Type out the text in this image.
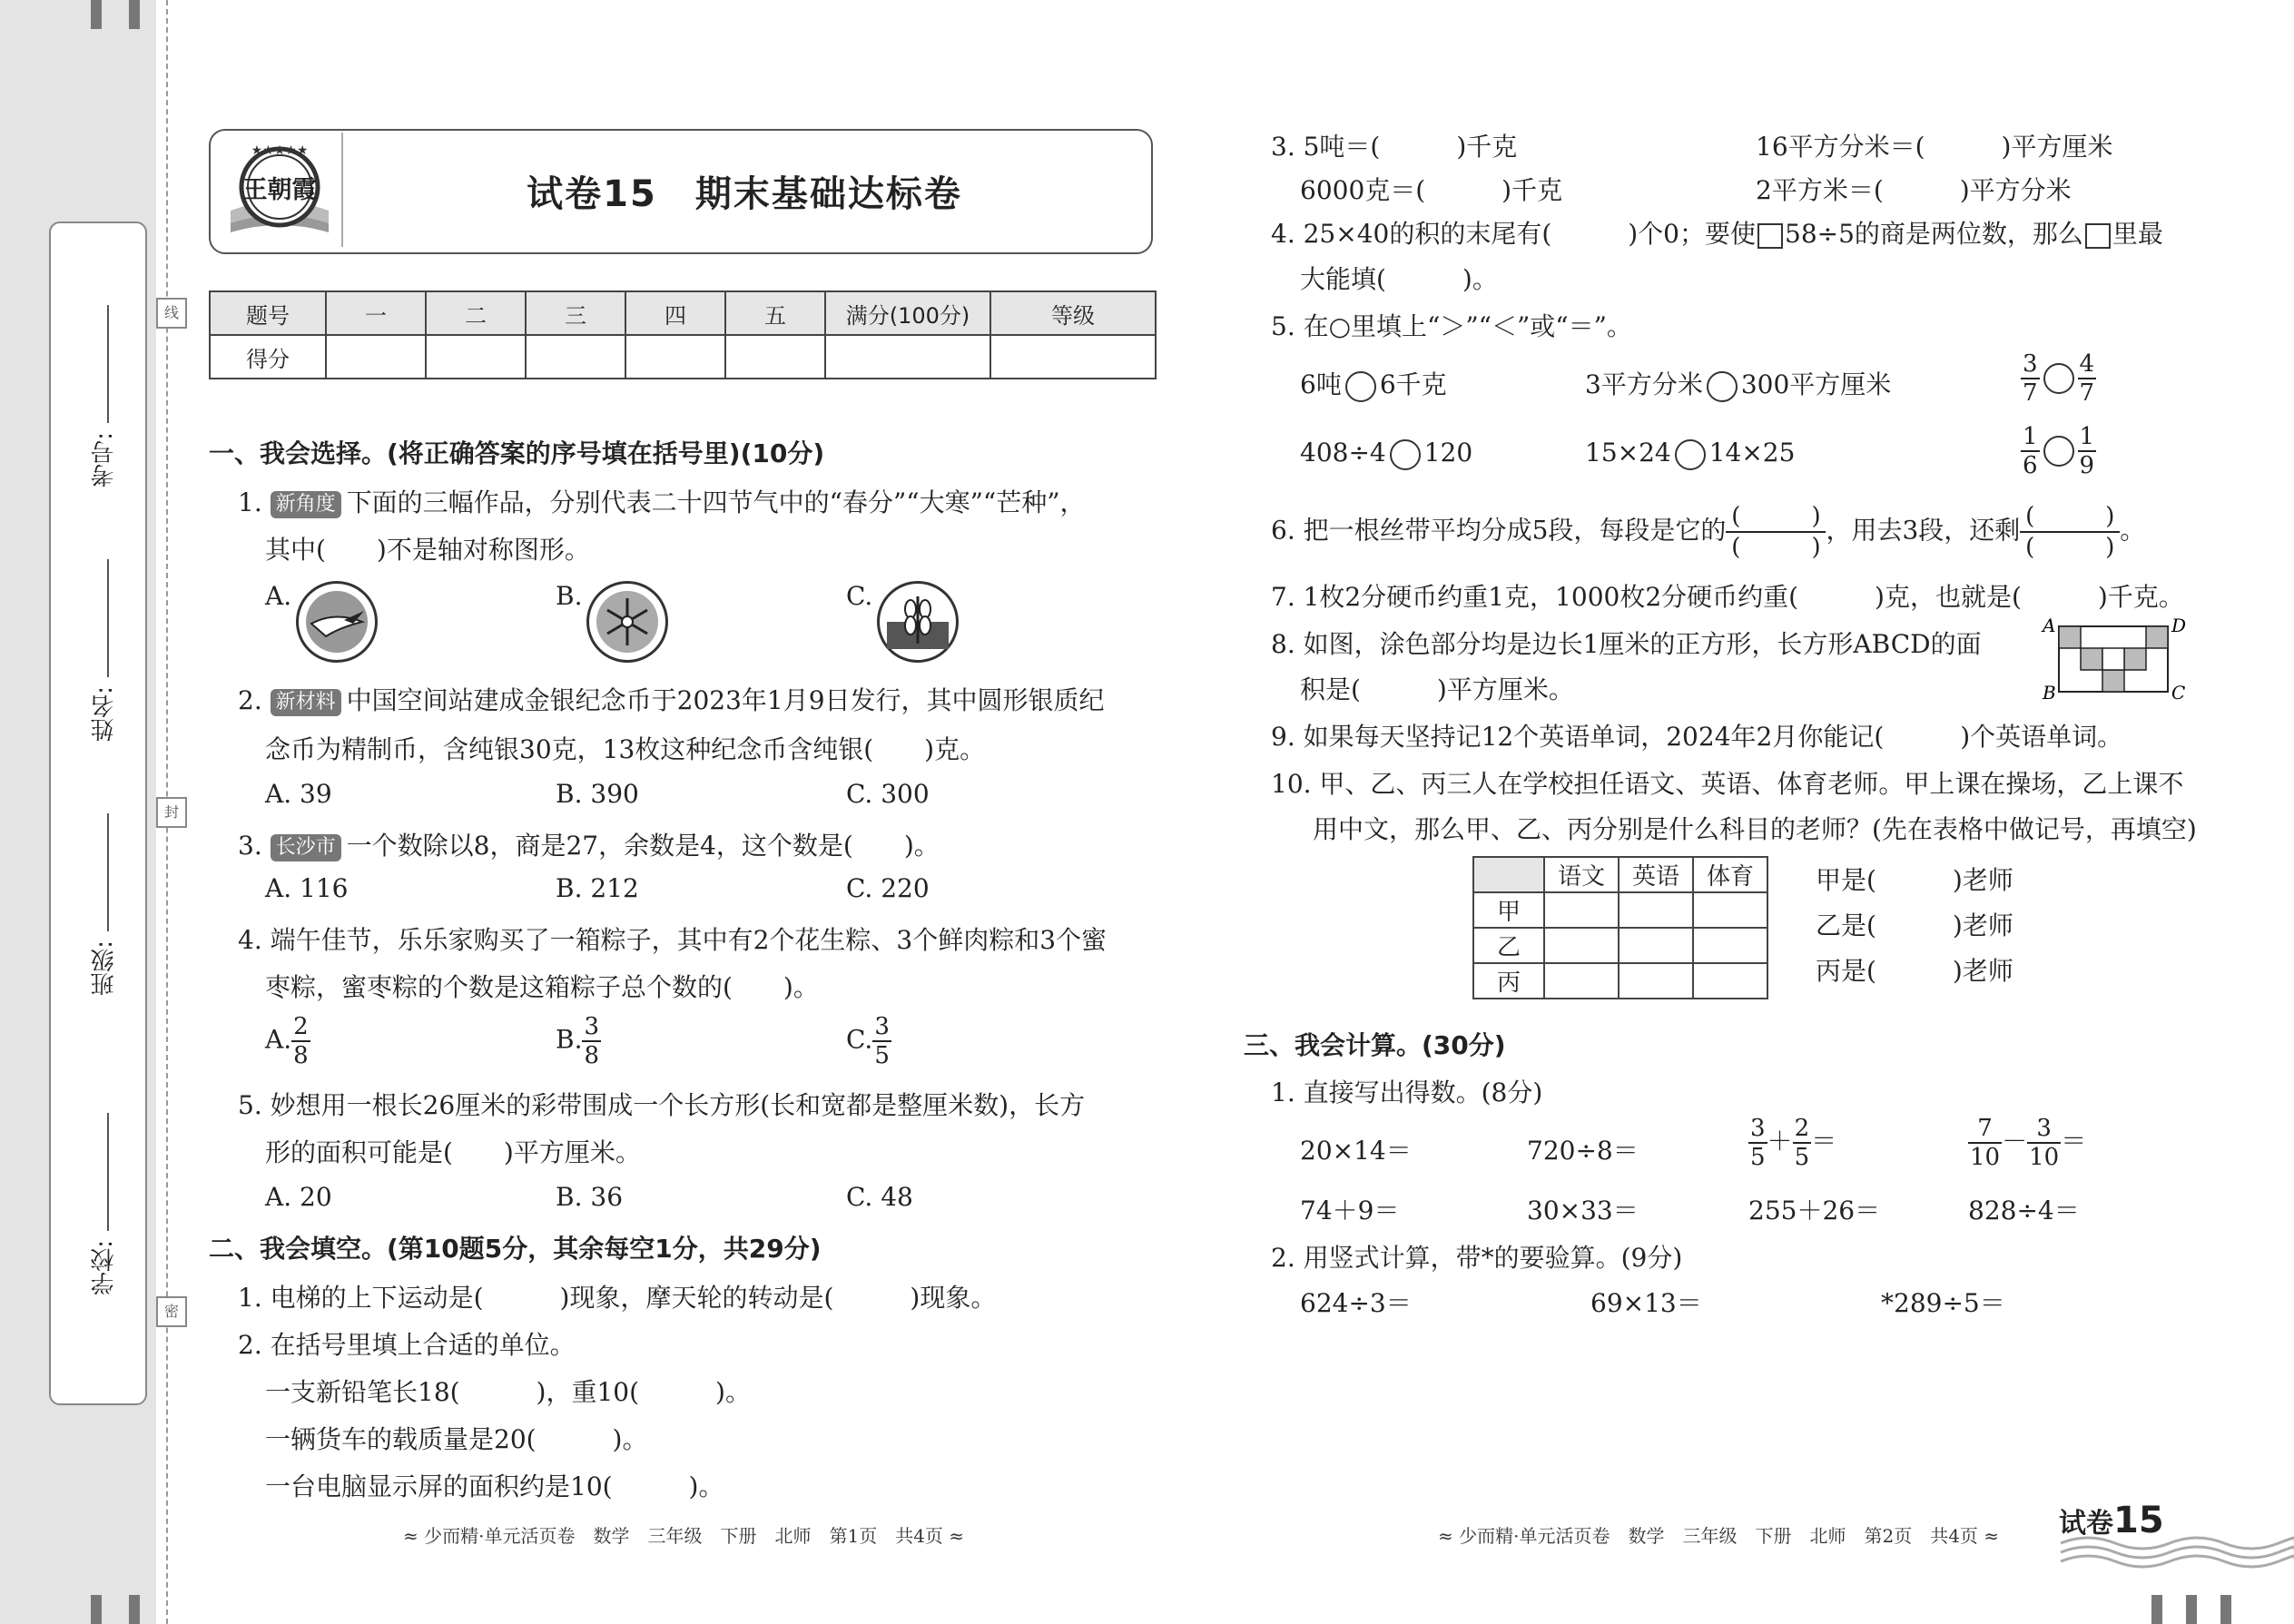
考号:
姓名:
班级:
学校:
线
封
密
★★★★★
王朝霞	试卷15　期末基础达标卷
题号	一	二	三	四	五	满分(100分)	等级
得分							
一、我会选择。(将正确答案的序号填在括号里)(10分)
1. 新角度 下面的三幅作品，分别代表二十四节气中的“春分”“大寒”“芒种”，
其中(　　)不是轴对称图形。
A.	B.	C.
2. 新材料 中国空间站建成金银纪念币于2023年1月9日发行，其中圆形银质纪
念币为精制币，含纯银30克，13枚这种纪念币含纯银(　　)克。
A. 39	B. 390	C. 300
3. 长沙市 一个数除以8，商是27，余数是4，这个数是(　　)。
A. 116	B. 212	C. 220
4. 端午佳节，乐乐家购买了一箱粽子，其中有2个花生粽、3个鲜肉粽和3个蜜
枣粽，蜜枣粽的个数是这箱粽子总个数的(　　)。
A. $\frac{2}{8}$	B. $\frac{3}{8}$	C. $\frac{3}{5}$
5. 妙想用一根长26厘米的彩带围成一个长方形(长和宽都是整厘米数)，长方
形的面积可能是(　　)平方厘米。
A. 20	B. 36	C. 48
二、我会填空。(第10题5分，其余每空1分，共29分)
1. 电梯的上下运动是(　　　)现象，摩天轮的转动是(　　　)现象。
2. 在括号里填上合适的单位。
一支新铅笔长18(　　　)，重10(　　　)。
一辆货车的载质量是20(　　　)。
一台电脑显示屏的面积约是10(　　　)。
≈ 少而精·单元活页卷　数学　三年级　下册　北师　第1页　共4页 ≈
3. 5吨＝(　　　)千克	16平方分米＝(　　　)平方厘米
6000克＝(　　　)千克	2平方米＝(　　　)平方分米
4. 25×40的积的末尾有(　　　)个0；要使 58÷5的商是两位数，那么 里最
大能填(　　　)。
5. 在○里填上“＞”“＜”或“＝”。
6吨 6千克	3平方分米 300平方厘米	$\frac{3}{7} \frac{4}{7}$
408÷4 120	15×24 14×25	$\frac{1}{6} \frac{1}{9}$
6. 把一根丝带平均分成5段，每段是它的 (　　　	)
(　　　	) ，用去3段，还剩 (　　　	)
(　　　	) 。
7. 1枚2分硬币约重1克，1000枚2分硬币约重(　　　)克，也就是(　　　)千克。
8. 如图，涂色部分均是边长1厘米的正方形，长方形ABCD的面
积是(　　　)平方厘米。
A	D
B	C
9. 如果每天坚持记12个英语单词，2024年2月你能记(　　　)个英语单词。
10. 甲、乙、丙三人在学校担任语文、英语、体育老师。甲上课在操场，乙上课不
用中文，那么甲、乙、丙分别是什么科目的老师？(先在表格中做记号，再填空)
	语文	英语	体育
甲			
乙			
丙			
甲是(　　　)老师
乙是(　　　)老师
丙是(　　　)老师
三、我会计算。(30分)
1. 直接写出得数。(8分)
20×14＝	720÷8＝	$\frac{3}{5} + \frac{2}{5}$ ＝	$\frac{7}{10} - \frac{3}{10}$ ＝
74＋9＝	30×33＝	255＋26＝	828÷4＝
2. 用竖式计算，带*的要验算。(9分)
624÷3＝	69×13＝	*289÷5＝
≈ 少而精·单元活页卷　数学　三年级　下册　北师　第2页　共4页 ≈ 试卷15
